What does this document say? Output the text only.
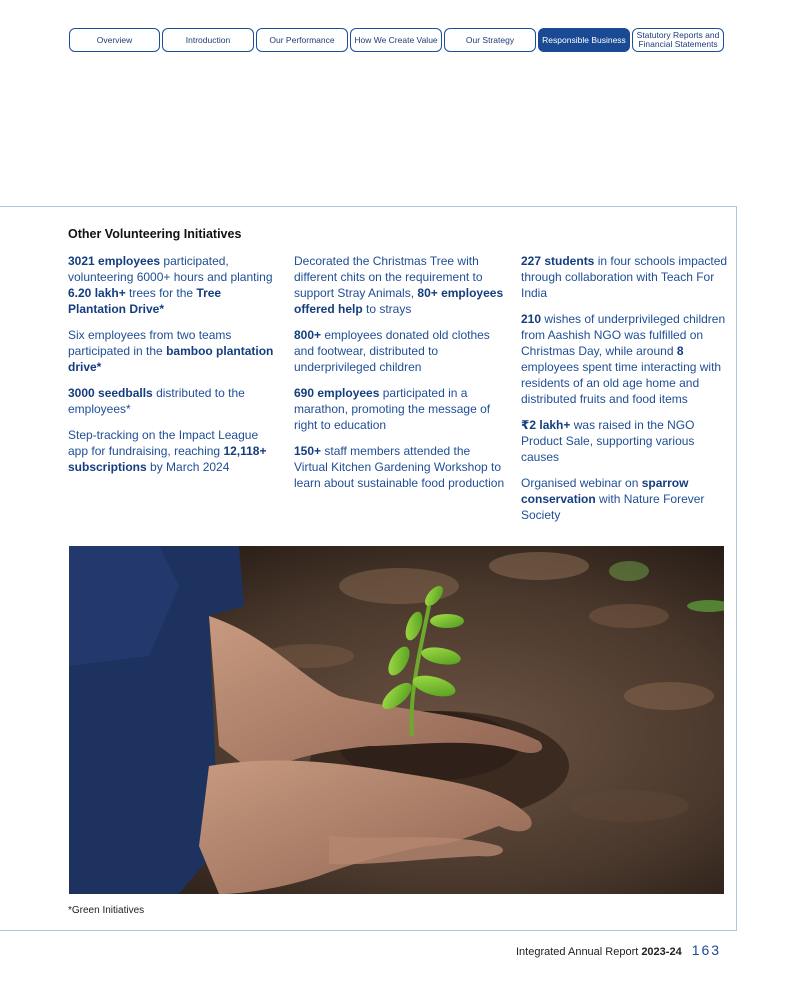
Overview	Introduction	Our Performance	How We Create Value	Our Strategy	Responsible Business	Statutory Reports and Financial Statements
Other Volunteering Initiatives

3021 employees participated, volunteering 6000+ hours and planting 6.20 lakh+ trees for the Tree Plantation Drive*

Six employees from two teams participated in the bamboo plantation drive*

3000 seedballs distributed to the employees*

Step-tracking on the Impact League app for fundraising, reaching 12,118+ subscriptions by March 2024

Decorated the Christmas Tree with different chits on the requirement to support Stray Animals, 80+ employees offered help to strays

800+ employees donated old clothes and footwear, distributed to underprivileged children

690 employees participated in a marathon, promoting the message of right to education

150+ staff members attended the Virtual Kitchen Gardening Workshop to learn about sustainable food production

227 students in four schools impacted through collaboration with Teach For India

210 wishes of underprivileged children from Aashish NGO was fulfilled on Christmas Day, while around 8 employees spent time interacting with residents of an old age home and distributed fruits and food items

₹2 lakh+ was raised in the NGO Product Sale, supporting various causes

Organised webinar on sparrow conservation with Nature Forever Society

*Green Initiatives
Integrated Annual Report 2023-24 163
